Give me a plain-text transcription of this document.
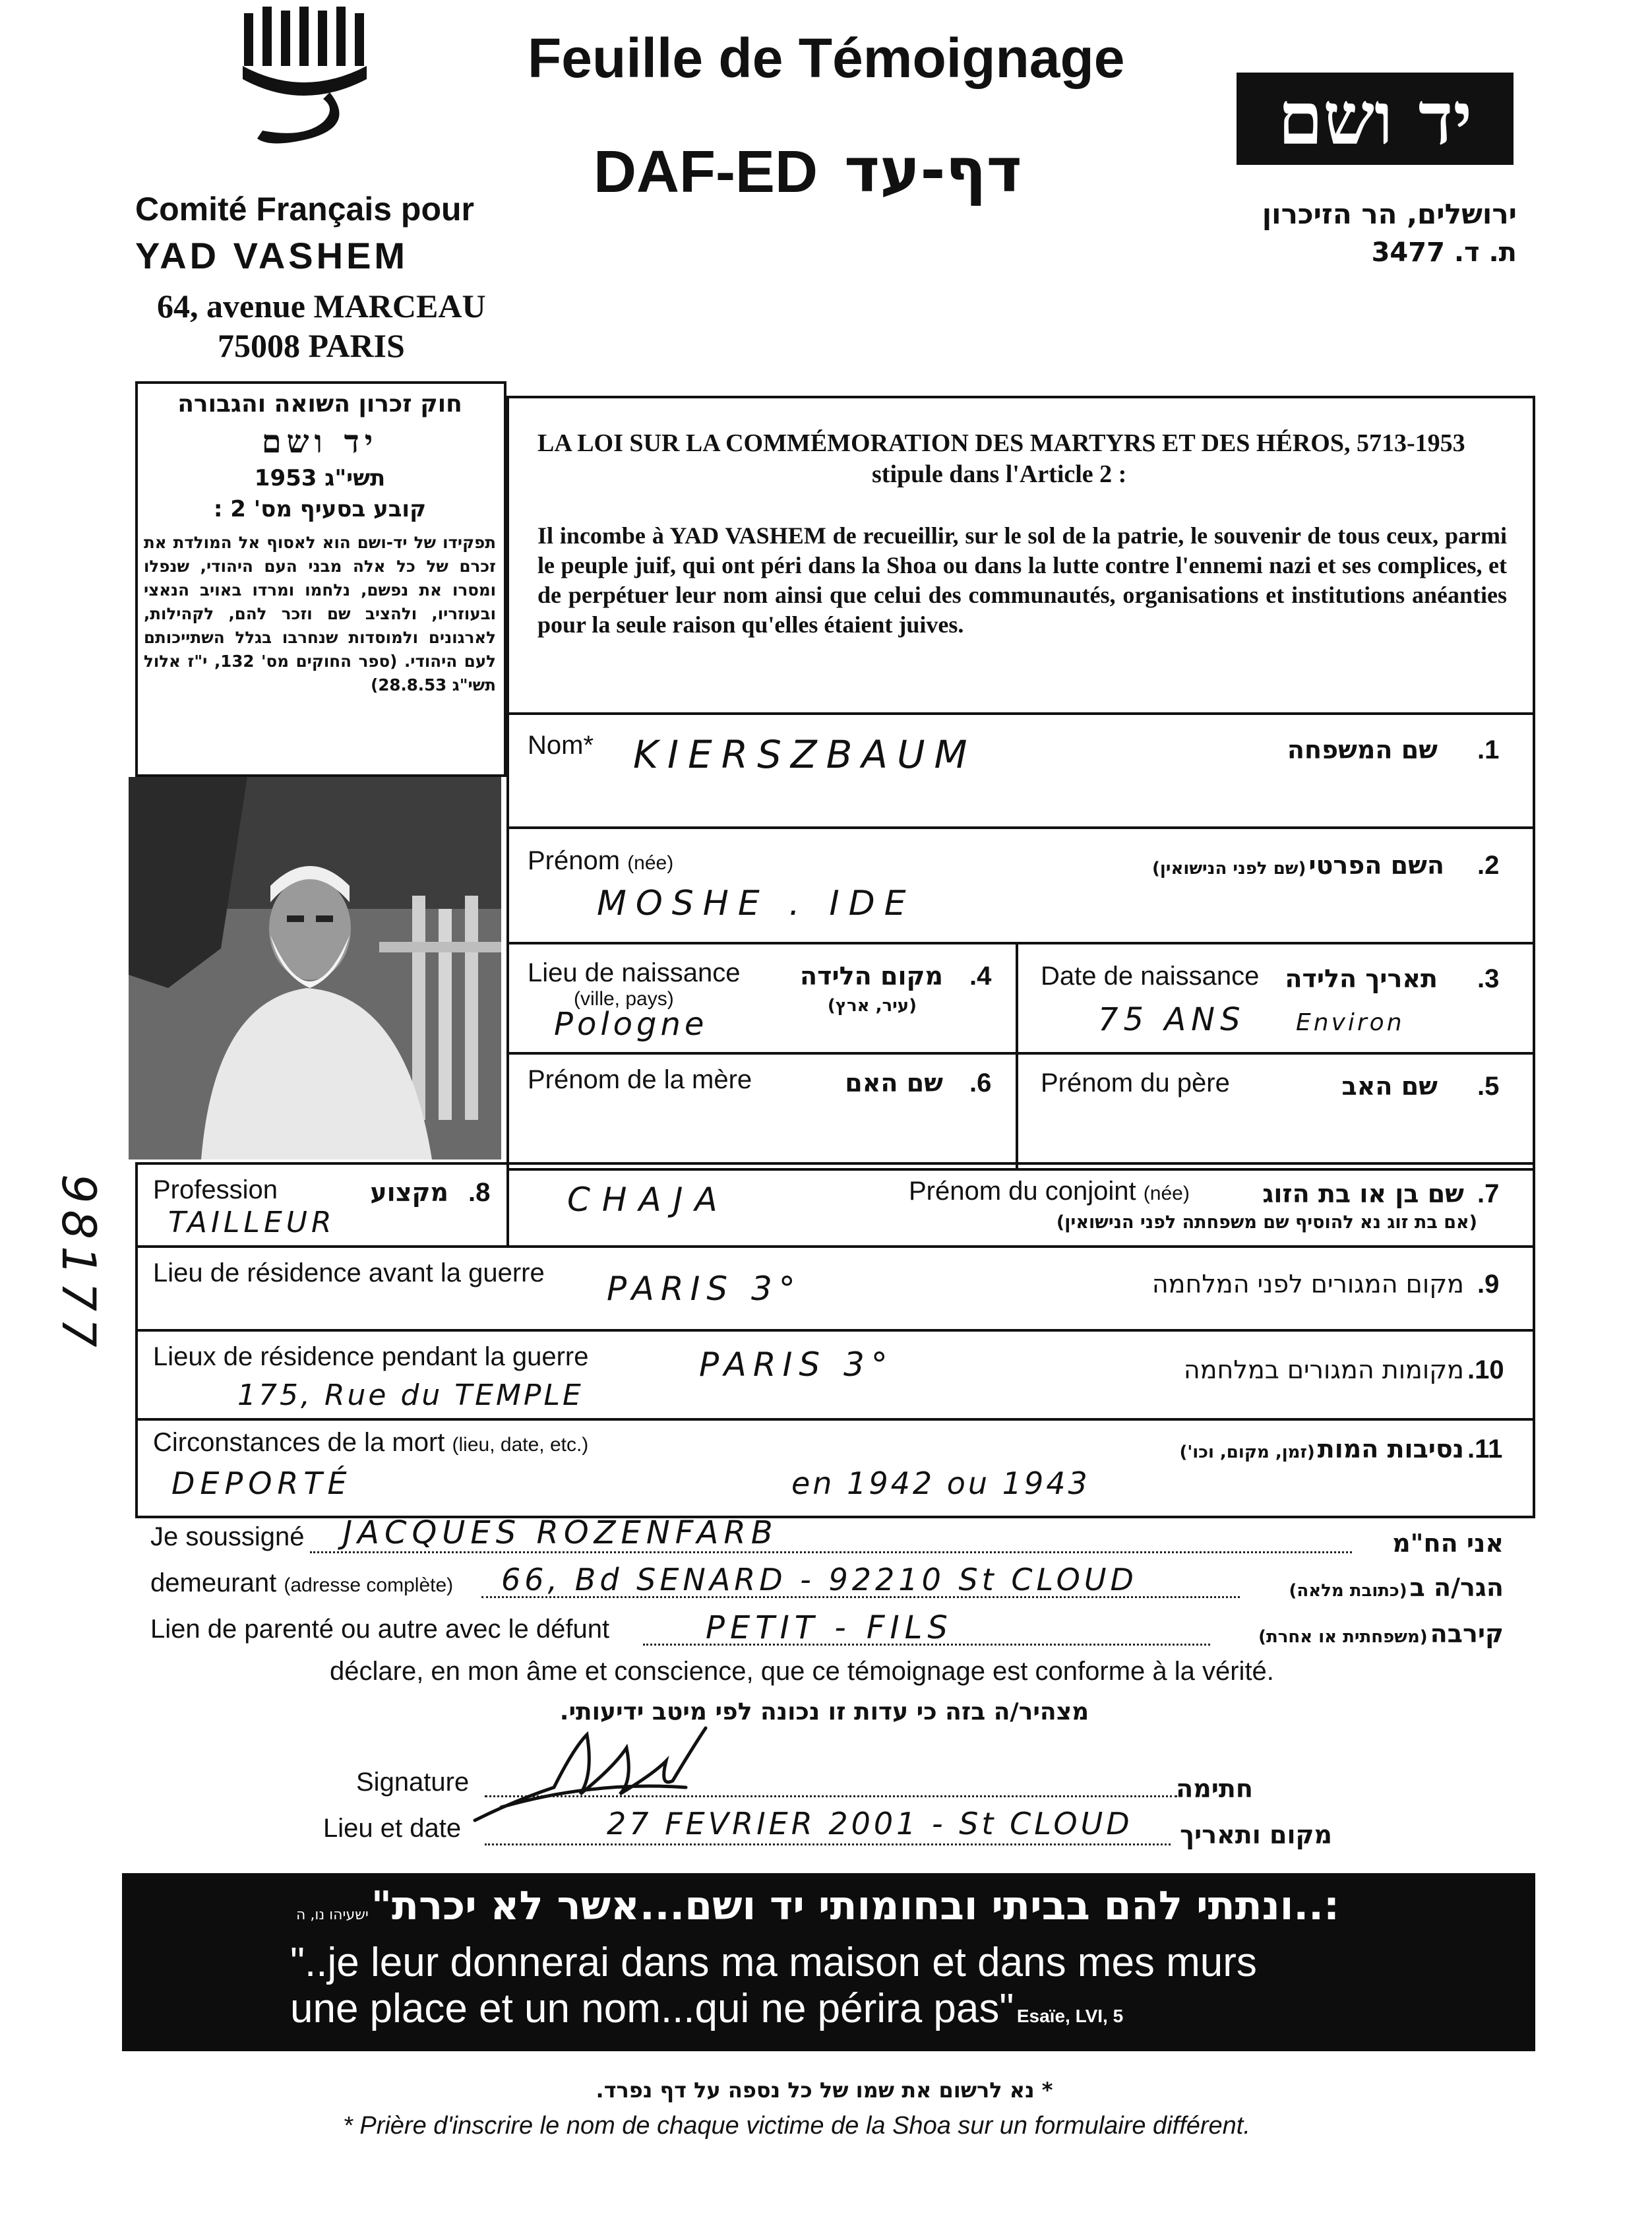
Comité Français pour
YAD VASHEM
64, avenue MARCEAU
75008 PARIS
Feuille de Témoignage
DAF-ED דף-עד
יד ושם
ירושלים, הר הזיכרון
ת. ד. 3477
חוק זכרון השואה והגבורה
יד ושם
תשי"ג 1953
קובע בסעיף מס' 2 :
תפקידו של יד-ושם הוא לאסוף אל המולדת את זכרם של כל אלה מבני העם היהודי, שנפלו ומסרו את נפשם, נלחמו ומרדו באויב הנאצי ובעוזריו, ולהציב שם וזכר להם, לקהילות, לארגונים ולמוסדות שנחרבו בגלל השתייכותם לעם היהודי. (ספר החוקים מס' 132, י"ז אלול תשי"ג 28.8.53)
LA LOI SUR LA COMMÉMORATION DES MARTYRS ET DES HÉROS, 5713-1953
stipule dans l'Article 2 :
Il incombe à YAD VASHEM de recueillir, sur le sol de la patrie, le souvenir de tous ceux, parmi le peuple juif, qui ont péri dans la Shoa ou dans la lutte contre l'ennemi nazi et ses complices, et de perpétuer leur nom ainsi que celui des communautés, organisations et institutions anéanties pour la seule raison qu'elles étaient juives.
Nom* KIERSZBAUM	שם המשפחה .1
Prénom (née)
MOSHE . IDE
השם הפרטי (שם לפני הנישואין)	.2
Lieu de naissance
(ville, pays)
מקום הלידה
(עיר, ארץ)
.4
Pologne
Date de naissance תאריך הלידה .3
75 ANS Environ
Prénom de la mère	שם האם .6 Prénom du père	שם האב .5
Profession	מקצוע .8
TAILLEUR
CHAJA	Prénom du conjoint (née)	שם בן או בת הזוג .7
(אם בת זוג נא להוסיף שם משפחתה לפני הנישואין)
Lieu de résidence avant la guerre PARIS 3°	מקום המגורים לפני המלחמה .9
Lieux de résidence pendant la guerre	PARIS 3°
175, Rue du TEMPLE
מקומות המגורים במלחמה .10
Circonstances de la mort (lieu, date, etc.)
DEPORTÉ	en 1942 ou 1943
נסיבות המות (זמן, מקום, וכו')	.11
Je soussigné JACQUES ROZENFARB	אני הח"מ
demeurant (adresse complète) 66, Bd SENARD - 92210 St CLOUD	הגר/ה ב (כתובת מלאה)
Lien de parenté ou autre avec le défunt	PETIT - FILS	קירבה (משפחתית או אחרת)
déclare, en mon âme et conscience, que ce témoignage est conforme à la vérité.
מצהיר/ה בזה כי עדות זו נכונה לפי מיטב ידיעותי.
Signature	חתימה
Lieu et date	27 FEVRIER 2001 - St CLOUD מקום ותאריך
:..ונתתי להם בביתי ובחומותי יד ושם...אשר לא יכרת" ישעיהו נו, ה
"..je leur donnerai dans ma maison et dans mes murs
une place et un nom...qui ne périra pas" Esaïe, LVI, 5
* נא לרשום את שמו של כל נספה על דף נפרד.
* Prière d'inscrire le nom de chaque victime de la Shoa sur un formulaire différent.
98177
